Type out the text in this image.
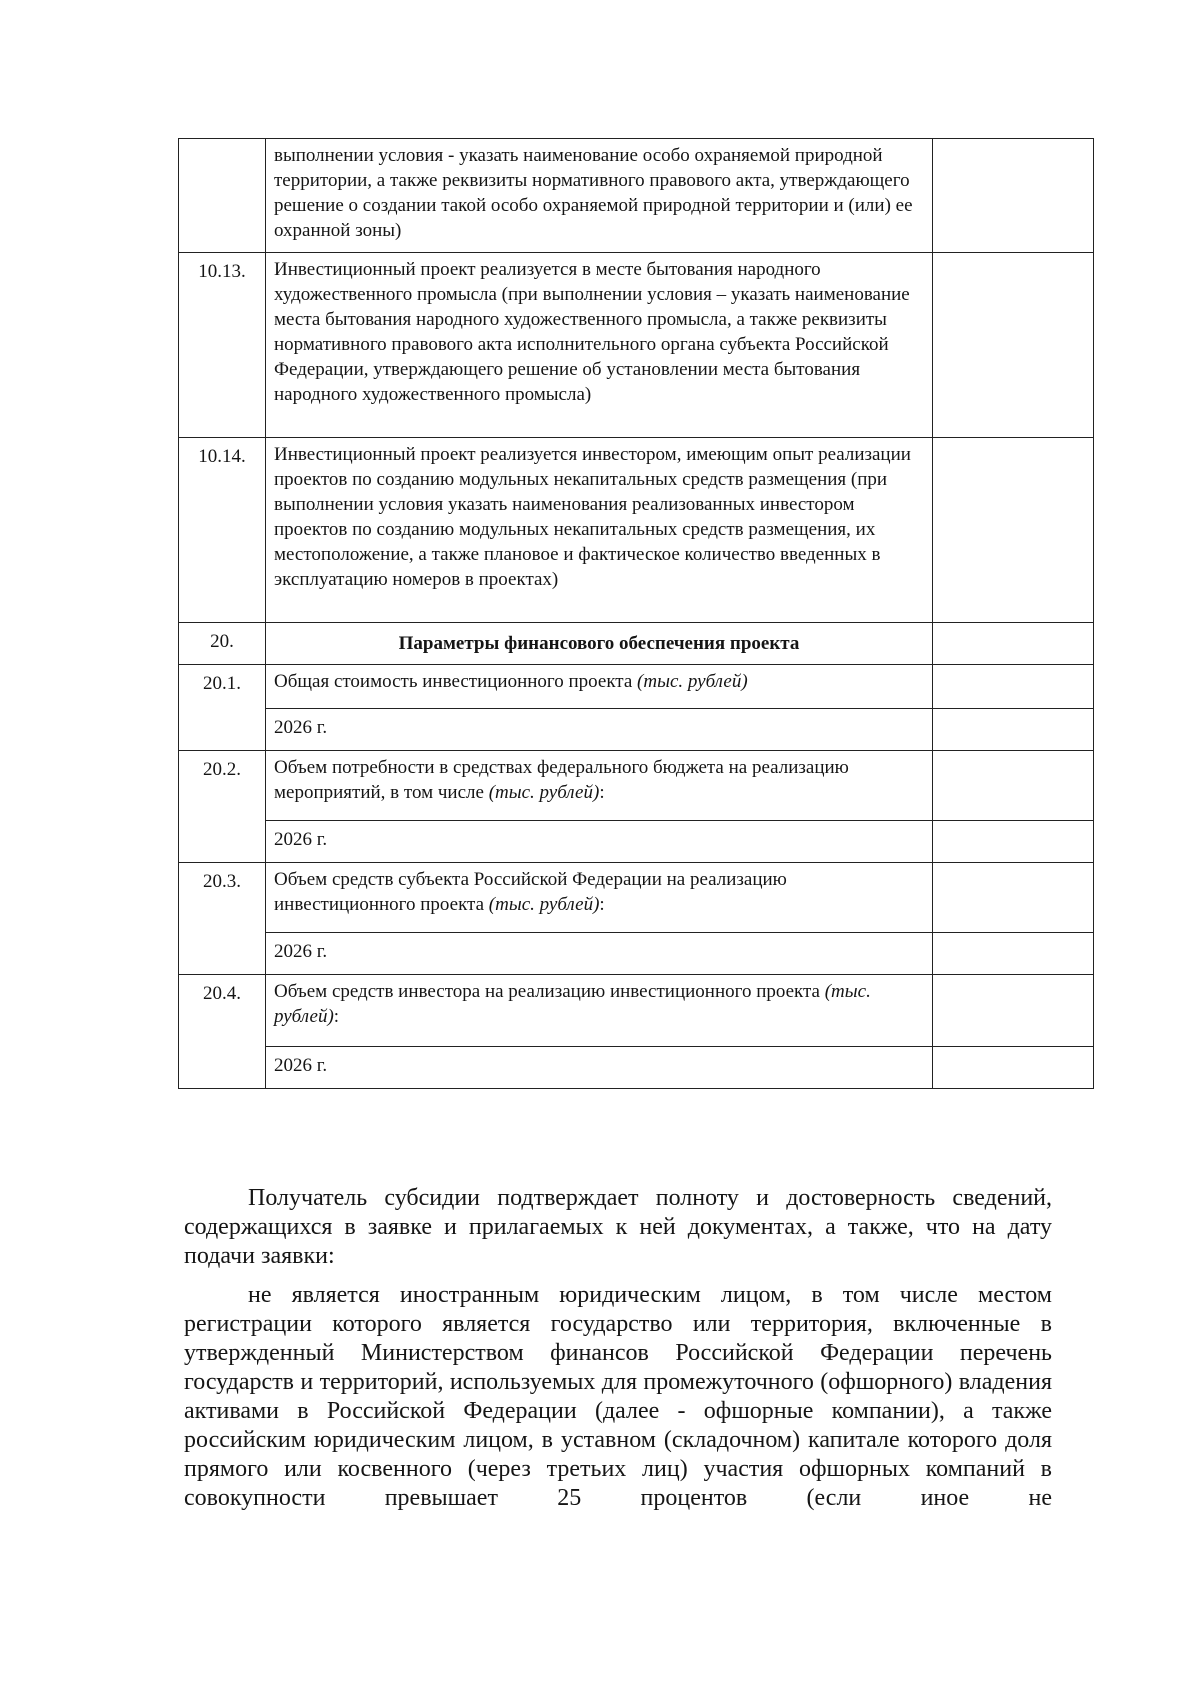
	выполнении условия - указать наименование особо охраняемой природной территории, а также реквизиты нормативного правового акта, утверждающего решение о создании такой особо охраняемой природной территории и (или) ее охранной зоны)	
10.13.	Инвестиционный проект реализуется в месте бытования народного художественного промысла (при выполнении условия – указать наименование места бытования народного художественного промысла, а также реквизиты нормативного правового акта исполнительного органа субъекта Российской Федерации, утверждающего решение об установлении места бытования народного художественного промысла)	
10.14.	Инвестиционный проект реализуется инвестором, имеющим опыт реализации проектов по созданию модульных некапитальных средств размещения (при выполнении условия указать наименования реализованных инвестором проектов по созданию модульных некапитальных средств размещения, их местоположение, а также плановое и фактическое количество введенных в эксплуатацию номеров в проектах)	
20.	Параметры финансового обеспечения проекта	
20.1.	Общая стоимость инвестиционного проекта (тыс. рублей)	

	2026 г.	

20.2.	Объем потребности в средствах федерального бюджета на реализацию мероприятий, в том числе (тыс. рублей):	

	2026 г.	

20.3.	Объем средств субъекта Российской Федерации на реализацию инвестиционного проекта (тыс. рублей):	

	2026 г.	

20.4.	Объем средств инвестора на реализацию инвестиционного проекта (тыс. рублей):	

	2026 г.	

Получатель субсидии подтверждает полноту и достоверность сведений, содержащихся в заявке и прилагаемых к ней документах, а также, что на дату подачи заявки:

не является иностранным юридическим лицом, в том числе местом регистрации которого является государство или территория, включенные в утвержденный Министерством финансов Российской Федерации перечень государств и территорий, используемых для промежуточного (офшорного) владения активами в Российской Федерации (далее - офшорные компании), а также российским юридическим лицом, в уставном (складочном) капитале которого доля прямого или косвенного (через третьих лиц) участия офшорных компаний в совокупности превышает 25 процентов (если иное не
